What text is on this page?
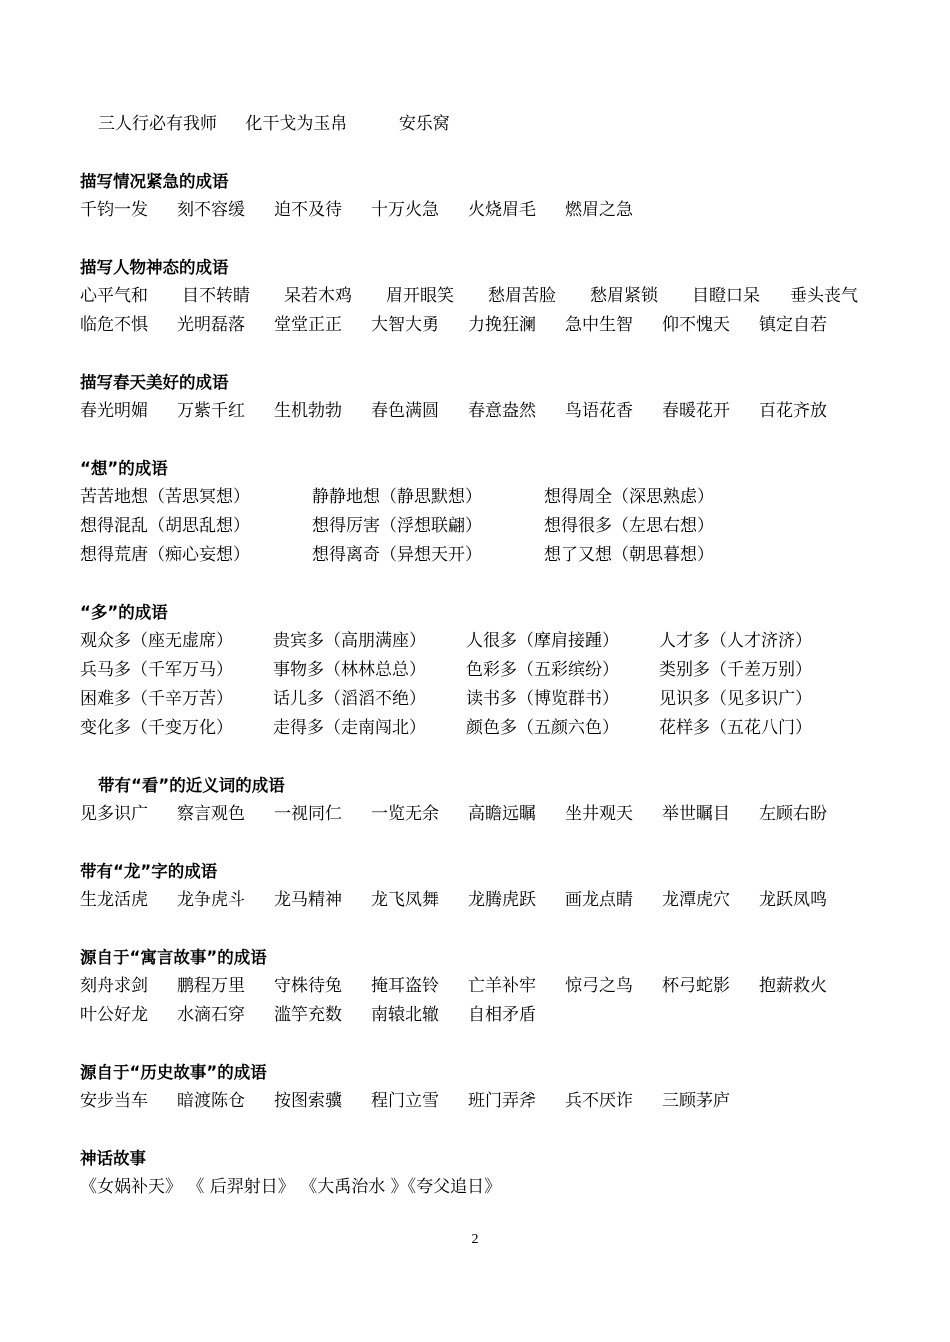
三人行必有我师 化干戈为玉帛	安乐窝
描写情况紧急的成语
千钧一发 刻不容缓 迫不及待 十万火急 火烧眉毛 燃眉之急
描写人物神态的成语
心平气和 目不转睛 呆若木鸡 眉开眼笑 愁眉苦脸 愁眉紧锁 目瞪口呆 垂头丧气
临危不惧 光明磊落 堂堂正正 大智大勇 力挽狂澜 急中生智 仰不愧天 镇定自若
描写春天美好的成语
春光明媚 万紫千红 生机勃勃 春色满圆 春意盎然 鸟语花香 春暖花开 百花齐放
“想”的成语
苦苦地想（苦思冥想）	静静地想（静思默想）	想得周全（深思熟虑）
想得混乱（胡思乱想）	想得厉害（浮想联翩）	想得很多（左思右想）
想得荒唐（痴心妄想）	想得离奇（异想天开）	想了又想（朝思暮想）
“多”的成语
观众多（座无虚席） 贵宾多（高朋满座） 人很多（摩肩接踵） 人才多（人才济济）
兵马多（千军万马） 事物多（林林总总） 色彩多（五彩缤纷） 类别多（千差万别）
困难多（千辛万苦） 话儿多（滔滔不绝） 读书多（博览群书） 见识多（见多识广）
变化多（千变万化） 走得多（走南闯北） 颜色多（五颜六色） 花样多（五花八门）
带有“看”的近义词的成语
见多识广 察言观色 一视同仁 一览无余 高瞻远瞩 坐井观天 举世瞩目 左顾右盼
带有“龙”字的成语
生龙活虎 龙争虎斗 龙马精神 龙飞凤舞 龙腾虎跃 画龙点睛 龙潭虎穴 龙跃凤鸣
源自于“寓言故事”的成语
刻舟求剑 鹏程万里 守株待兔 掩耳盗铃 亡羊补牢 惊弓之鸟 杯弓蛇影 抱薪救火
叶公好龙 水滴石穿 滥竽充数 南辕北辙 自相矛盾
源自于“历史故事”的成语
安步当车 暗渡陈仓 按图索骥 程门立雪 班门弄斧 兵不厌诈 三顾茅庐
神话故事
《女娲补天》 《 后羿射日》 《大禹治水 》《夸父追日》
2
